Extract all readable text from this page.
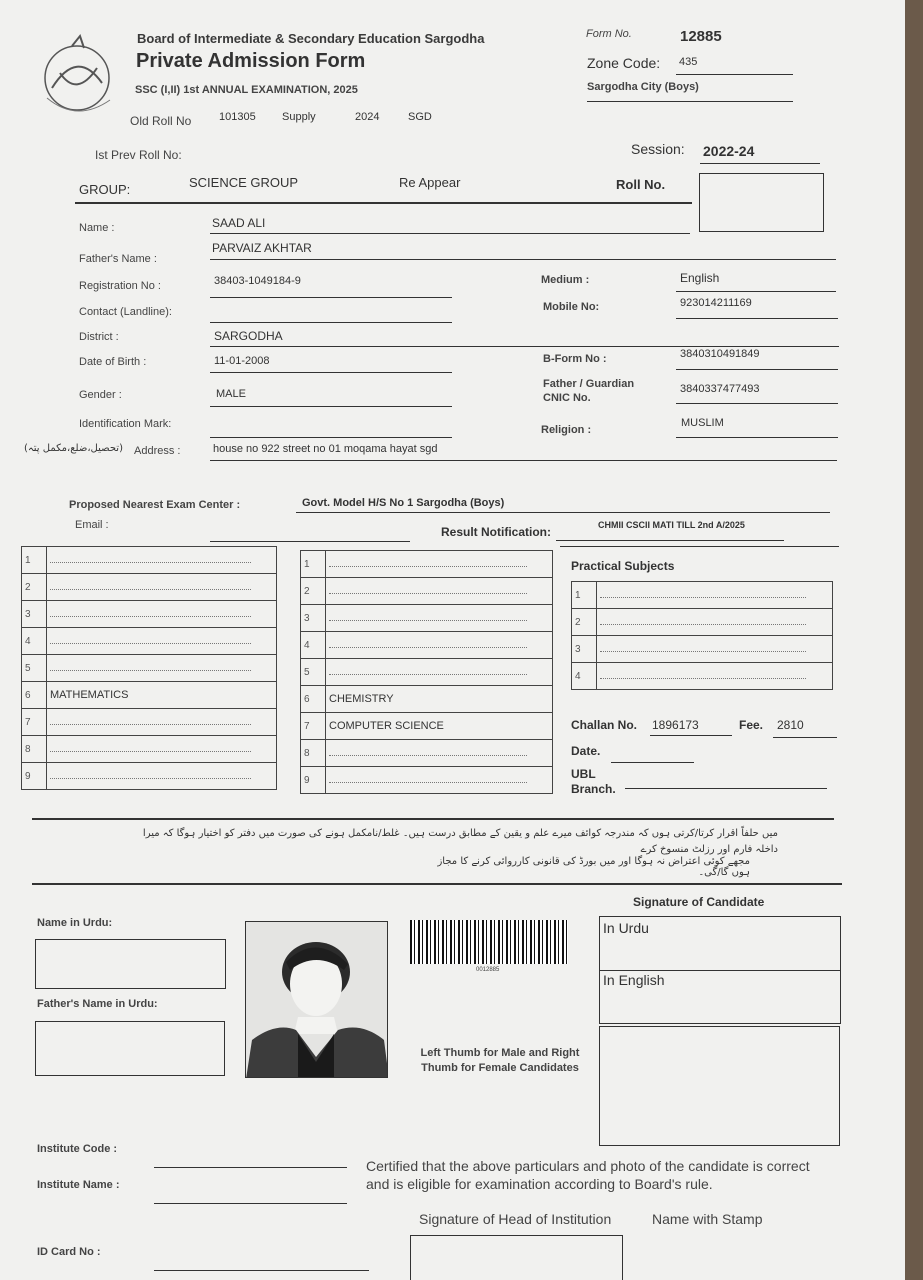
Board of Intermediate & Secondary Education Sargodha
Private Admission Form
SSC (I,II) 1st ANNUAL EXAMINATION, 2025
Old Roll No	101305 Supply	2024	SGD
Form No.	12885
Zone Code: 435
Sargodha City (Boys)
Ist Prev Roll No:	Session: 2022-24
GROUP:	SCIENCE GROUP	Re Appear	Roll No.
Name :	SAAD ALI
Father's Name :
PARVAIZ AKHTAR
Registration No :	38403-1049184-9
Contact (Landline):
District :	SARGODHA
Date of Birth :	11-01-2008
Gender :	MALE
Identification Mark:
(تحصیل،ضلع،مکمل پتہ) Address :	house no 922 street no 01 moqama hayat sgd
Medium :	English
Mobile No:	923014211169
B-Form No :	3840310491849
Father / Guardian
CNIC No.
3840337477493
Religion :
MUSLIM
Proposed Nearest Exam Center :	Govt. Model H/S No 1 Sargodha (Boys)
Email :	Result Notification:	CHMII CSCII MATI TILL 2nd A/2025
1	
2	
3	
4	
5	
6	MATHEMATICS
7	
8	
9	
1	
2	
3	
4	
5	
6	CHEMISTRY
7	COMPUTER SCIENCE
8	
9	
Practical Subjects
1	
2	
3	
4	
Challan No. 1896173	Fee. 2810
Date.
UBL
Branch.
میں حلفاً اقرار کرتا/کرتی ہوں کہ مندرجہ کوائف میرے علم و یقین کے مطابق درست ہیں۔ غلط/نامکمل ہونے کی صورت میں دفتر کو اختیار ہوگا کہ میرا داخلہ فارم اور رزلٹ منسوخ کرے
مجھے کوئی اعتراض نہ ہوگا اور میں بورڈ کی قانونی کارروائی کرنے کا مجاز ہوں گا/گی۔
Signature of Candidate
Name in Urdu:
Father's Name in Urdu:
0012885
Left Thumb for Male and Right Thumb for Female Candidates
In Urdu
In English
Institute Code :
Institute Name :
Certified that the above particulars and photo of the candidate is correct and is eligible for examination according to Board's rule.
Signature of Head of Institution	Name with Stamp
ID Card No :
